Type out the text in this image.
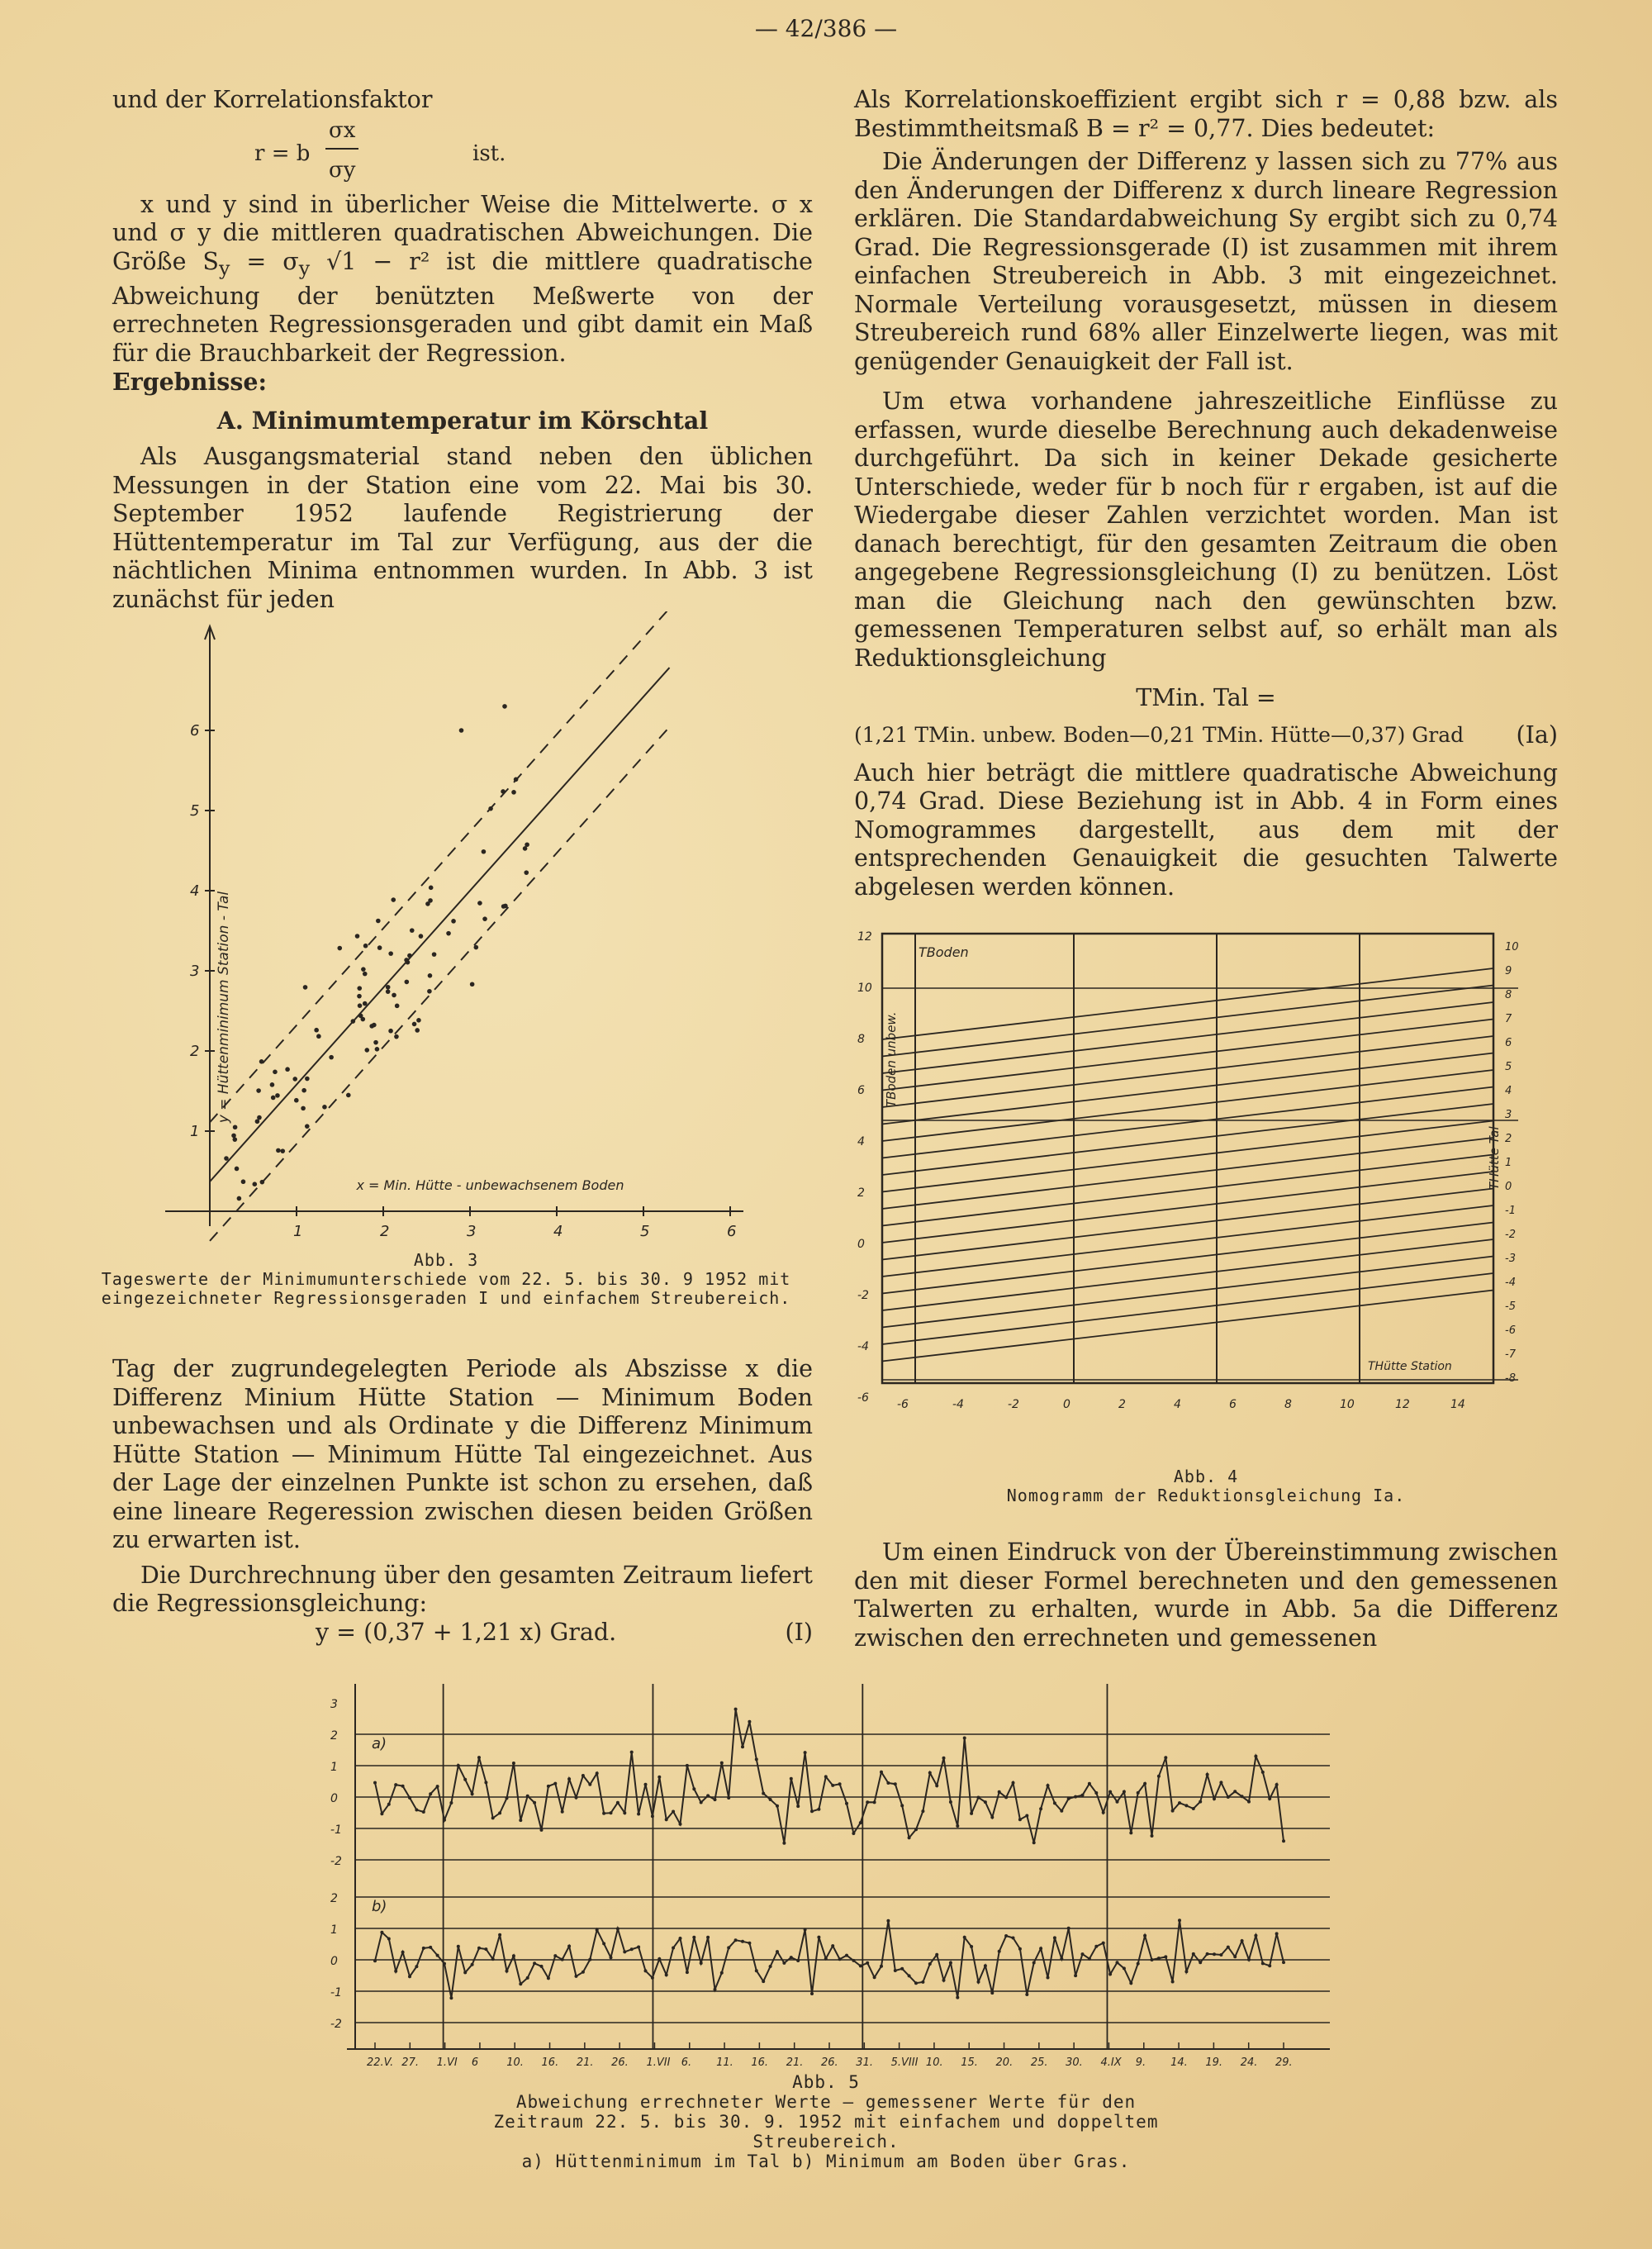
— 42/386 —

und der Korrelationsfaktor

r = b
σx
σy
ist.

x und y sind in überlicher Weise die Mittelwerte. σ x und σ y die mittleren quadratischen Abweichungen. Die Größe $S_y = \sigma_y$ √1 − r² ist die mittlere quadratische Abweichung der benützten Meßwerte von der errechneten Regressionsgeraden und gibt damit ein Maß für die Brauchbarkeit der Regression.

Ergebnisse:

A. Minimumtemperatur im Körschtal

Als Ausgangsmaterial stand neben den üblichen Messungen in der Station eine vom 22. Mai bis 30. September 1952 laufende Registrierung der Hüttentemperatur im Tal zur Verfügung, aus der die nächtlichen Minima entnommen wurden. In Abb. 3 ist zunächst für jeden

1	2	3	4	5	6
1
2
3
4
5
6
y = Hüttenminimum Station - Tal
x = Min. Hütte - unbewachsenem Boden
Abb. 3
Tageswerte der Minimumunterschiede vom 22. 5. bis 30. 9 1952 mit eingezeichneter Regressionsgeraden I und einfachem Streubereich.

Tag der zugrundegelegten Periode als Abszisse x die Differenz Minium Hütte Station — Minimum Boden unbewachsen und als Ordinate y die Differenz Minimum Hütte Station — Minimum Hütte Tal eingezeichnet. Aus der Lage der einzelnen Punkte ist schon zu ersehen, daß eine lineare Regeression zwischen diesen beiden Größen zu erwarten ist.

Die Durchrechnung über den gesamten Zeitraum liefert die Regressionsgleichung:

y = (0,37 + 1,21 x) Grad.	(I)

Als Korrelationskoeffizient ergibt sich r = 0,88 bzw. als Bestimmtheitsmaß B = r² = 0,77. Dies bedeutet:

Die Änderungen der Differenz y lassen sich zu 77% aus den Änderungen der Differenz x durch lineare Regression erklären. Die Standardabweichung Sy ergibt sich zu 0,74 Grad. Die Regressionsgerade (I) ist zusammen mit ihrem einfachen Streubereich in Abb. 3 mit eingezeichnet. Normale Verteilung vorausgesetzt, müssen in diesem Streubereich rund 68% aller Einzelwerte liegen, was mit genügender Genauigkeit der Fall ist.

Um etwa vorhandene jahreszeitliche Einflüsse zu erfassen, wurde dieselbe Berechnung auch dekadenweise durchgeführt. Da sich in keiner Dekade gesicherte Unterschiede, weder für b noch für r ergaben, ist auf die Wiedergabe dieser Zahlen verzichtet worden. Man ist danach berechtigt, für den gesamten Zeitraum die oben angegebene Regressionsgleichung (I) zu benützen. Löst man die Gleichung nach den gewünschten bzw. gemessenen Temperaturen selbst auf, so erhält man als Reduktionsgleichung

TMin. Tal =

(1,21 TMin. unbew. Boden—0,21 TMin. Hütte—0,37) Grad (Ia)

Auch hier beträgt die mittlere quadratische Abweichung 0,74 Grad. Diese Beziehung ist in Abb. 4 in Form eines Nomogrammes dargestellt, aus dem mit der entsprechenden Genauigkeit die gesuchten Talwerte abgelesen werden können.

12
10
8
6
4
2
0
-2
-4
-6
10
9
8
7
6
5
4
3
2
1
0
-1
-2
-3
-4
-5
-6
-7
-8
-6	-4	-2	0	2	4	6	8	10	12	14
TBoden
THütte Station
TBoden unbew.
THütte Tal
Abb. 4
Nomogramm der Reduktionsgleichung Ia.

Um einen Eindruck von der Übereinstimmung zwischen den mit dieser Formel berechneten und den gemessenen Talwerten zu erhalten, wurde in Abb. 5a die Differenz zwischen den errechneten und gemessenen

3
2
1
0
-1
-2
2
1
0
-1
-2
a)
b)
22.V. 27. 1.VI 6	10. 16. 21. 26. 1.VII 6. 11. 16. 21. 26. 31. 5.VIII 10. 15. 20. 25. 30. 4.IX 9. 14. 19. 24. 29.
Abb. 5
Abweichung errechneter Werte — gemessener Werte für den
Zeitraum 22. 5. bis 30. 9. 1952 mit einfachem und doppeltem
Streubereich.
a) Hüttenminimum im Tal b) Minimum am Boden über Gras.
